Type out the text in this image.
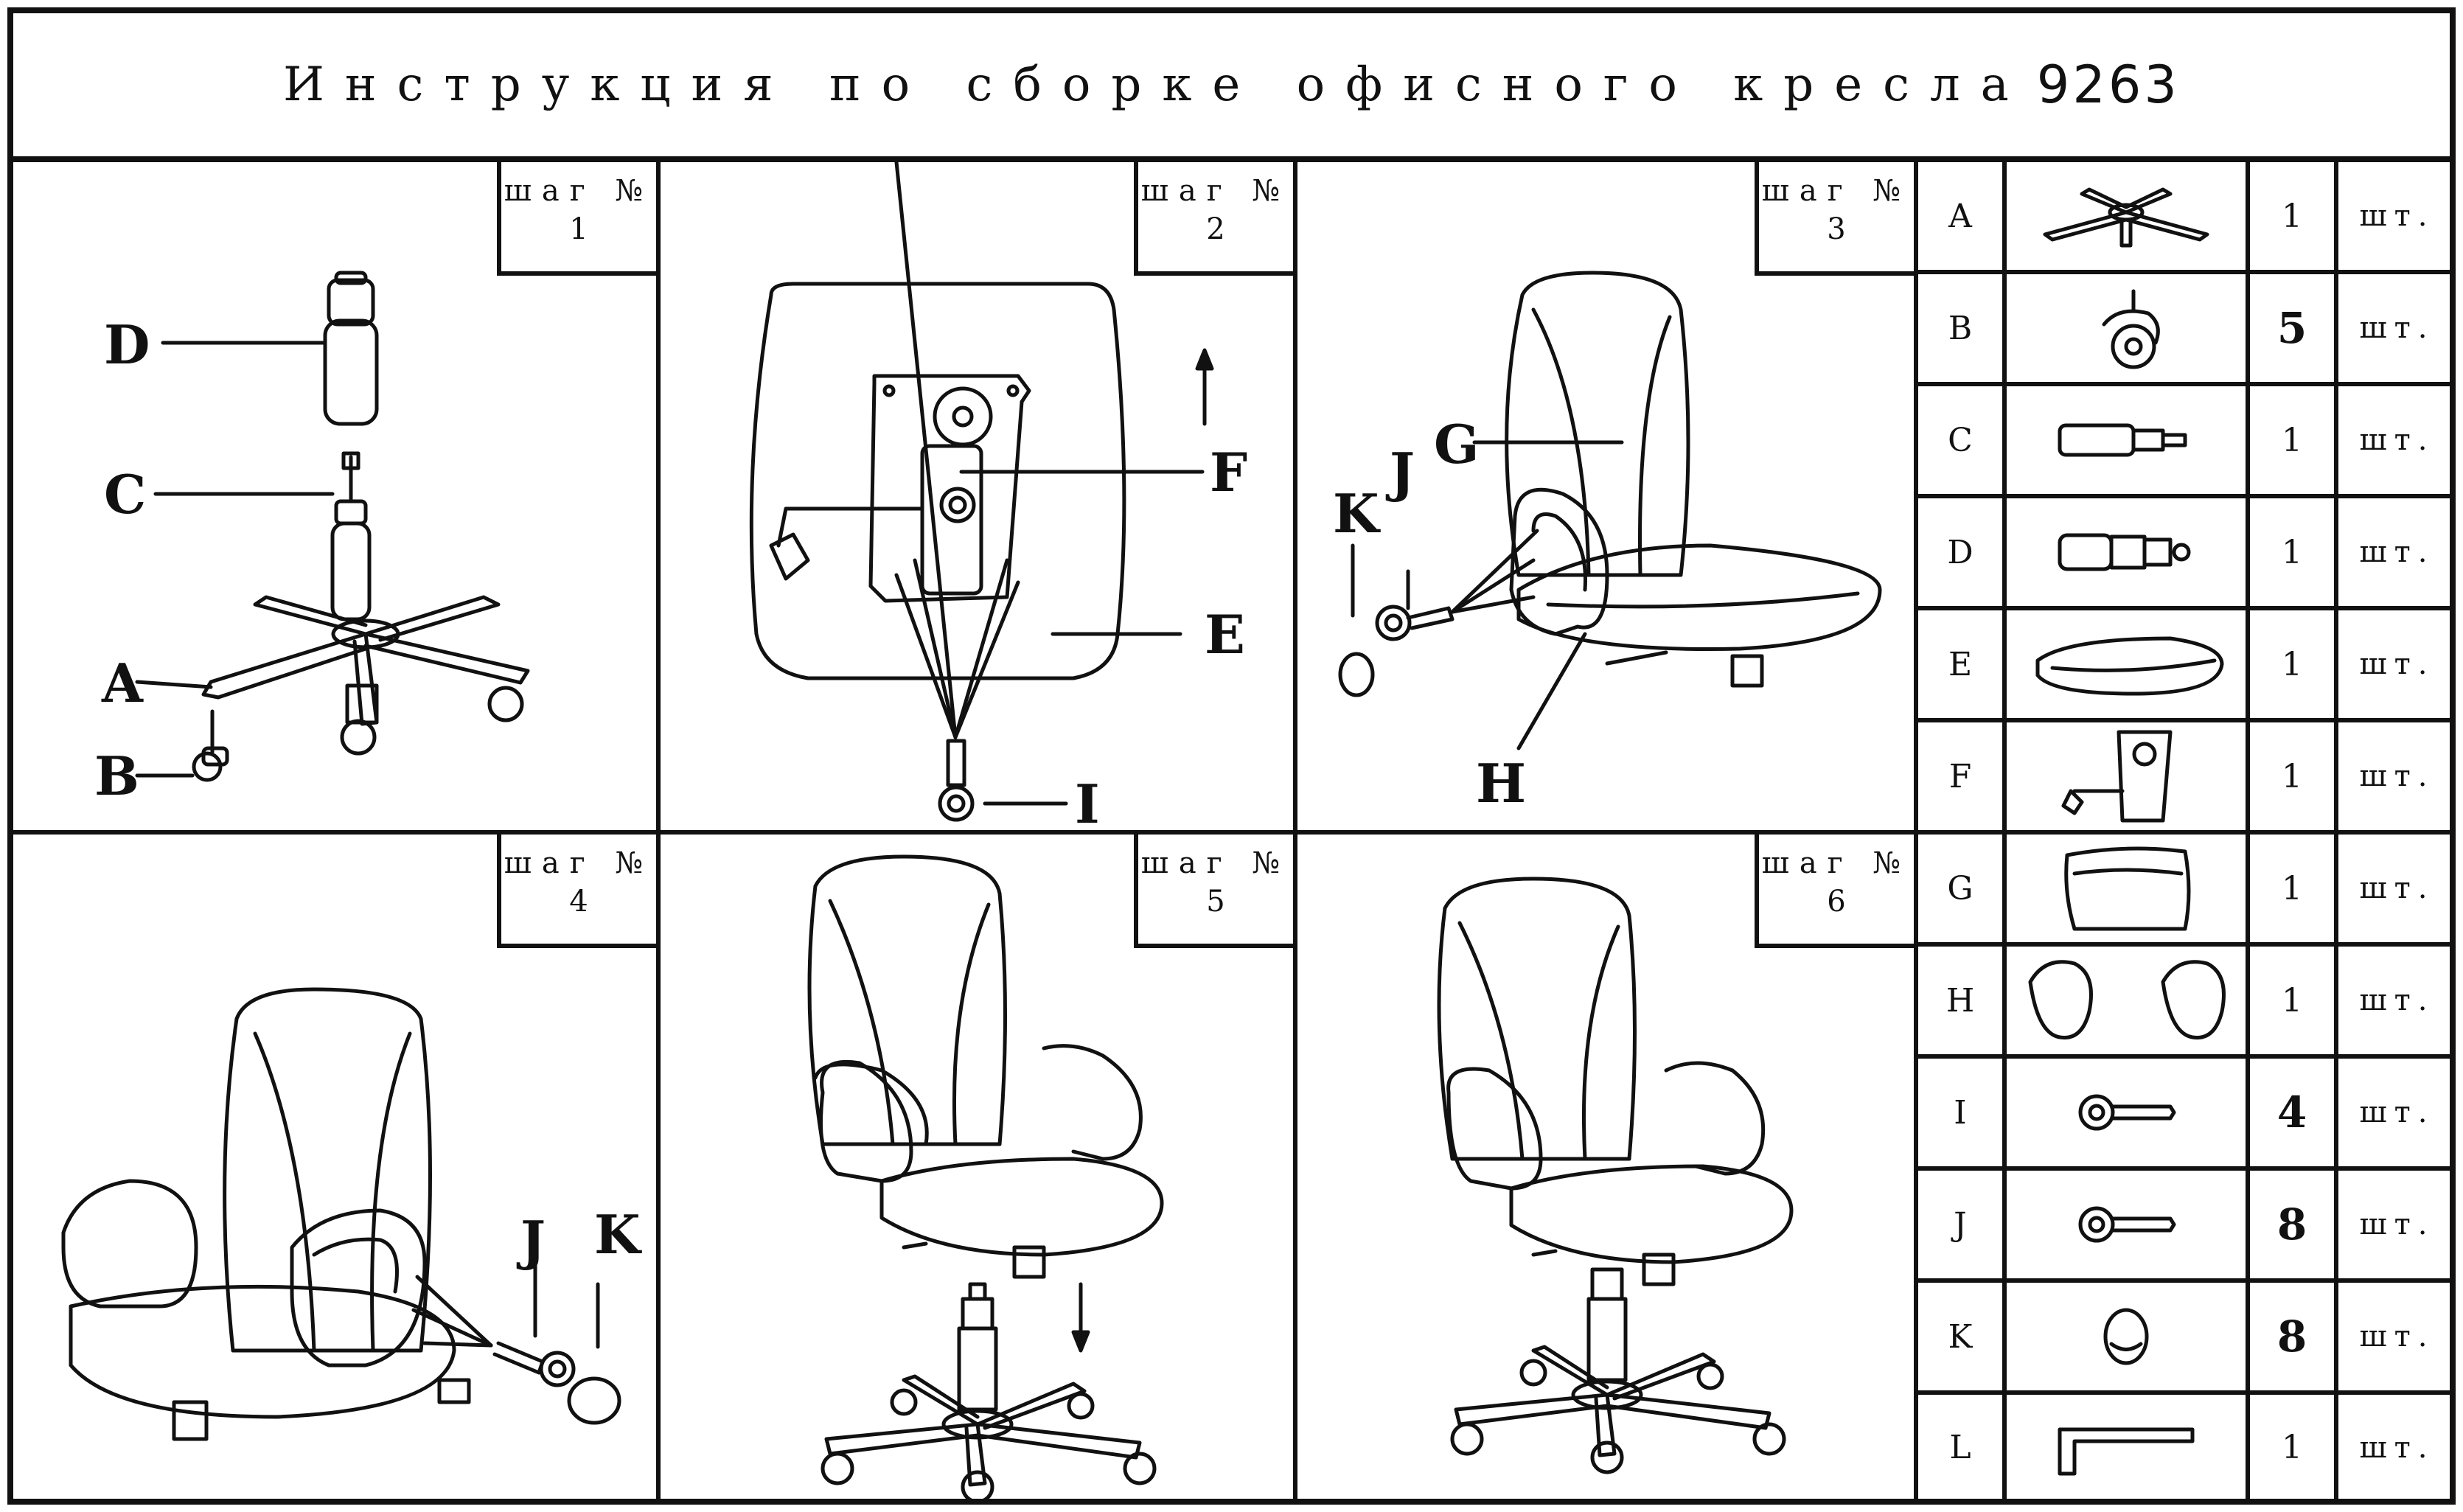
Инструкция по сборке офисного кресла 9263
шаг №
1
D
C
A
B
шаг №
2
F
E
I
шаг №
3
G
K
J
H
шаг №
4
J K
шаг №
5
шаг №
6
A	1	шт.
B	5	шт.
C	1	шт.
D	1	шт.
E	1	шт.
F	1	шт.
G	1	шт.
H	1	шт.
I	4	шт.
J	8	шт.
K	8	шт.
L	1	шт.
